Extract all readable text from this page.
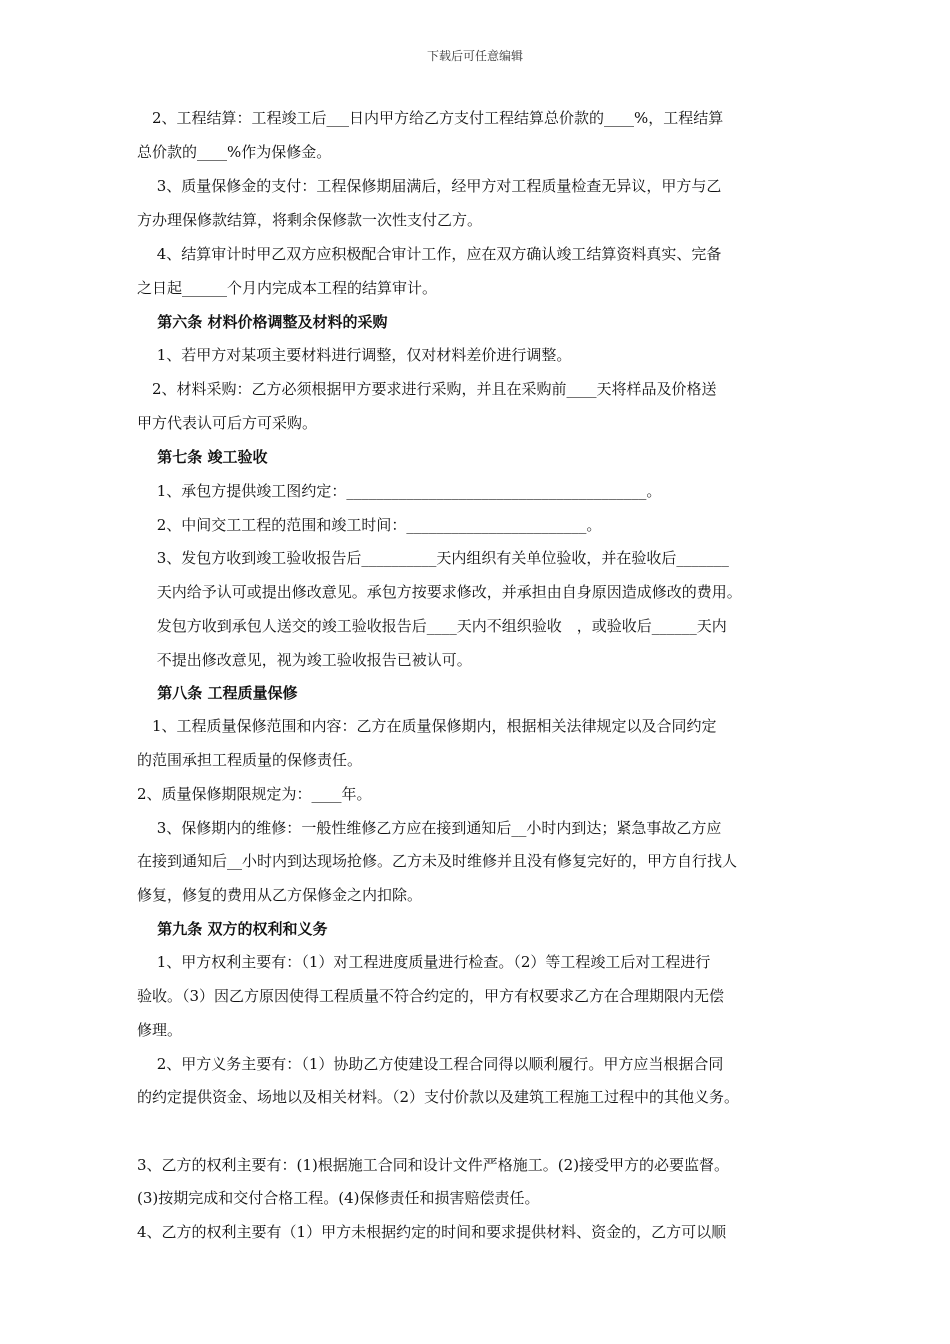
下载后可任意编辑
　2、工程结算：工程竣工后___日内甲方给乙方支付工程结算总价款的____%，工程结算
总价款的____%作为保修金。
　 3、质量保修金的支付：工程保修期届满后，经甲方对工程质量检查无异议，甲方与乙
方办理保修款结算，将剩余保修款一次性支付乙方。
　 4、结算审计时甲乙双方应积极配合审计工作，应在双方确认竣工结算资料真实、完备
之日起______个月内完成本工程的结算审计。
　 第六条 材料价格调整及材料的采购
　 1、若甲方对某项主要材料进行调整，仅对材料差价进行调整。
　2、材料采购：乙方必须根据甲方要求进行采购，并且在采购前____天将样品及价格送
甲方代表认可后方可采购。
　 第七条 竣工验收
　 1、承包方提供竣工图约定：________________________________________。
　 2、中间交工工程的范围和竣工时间：________________________。
　 3、发包方收到竣工验收报告后__________天内组织有关单位验收，并在验收后_______
　 天内给予认可或提出修改意见。承包方按要求修改，并承担由自身原因造成修改的费用。
　 发包方收到承包人送交的竣工验收报告后____天内不组织验收　，或验收后______天内
　 不提出修改意见，视为竣工验收报告已被认可。
　 第八条 工程质量保修
　1、工程质量保修范围和内容：乙方在质量保修期内，根据相关法律规定以及合同约定
的范围承担工程质量的保修责任。
2、质量保修期限规定为：____年。
　 3、保修期内的维修：一般性维修乙方应在接到通知后__小时内到达；紧急事故乙方应
在接到通知后__小时内到达现场抢修。乙方未及时维修并且没有修复完好的，甲方自行找人
修复，修复的费用从乙方保修金之内扣除。
　 第九条 双方的权利和义务
　 1、甲方权利主要有：（1）对工程进度质量进行检查。（2）等工程竣工后对工程进行
验收。（3）因乙方原因使得工程质量不符合约定的，甲方有权要求乙方在合理期限内无偿
修理。
　 2、甲方义务主要有：（1）协助乙方使建设工程合同得以顺利履行。甲方应当根据合同
的约定提供资金、场地以及相关材料。（2）支付价款以及建筑工程施工过程中的其他义务。
3、乙方的权利主要有：(1)根据施工合同和设计文件严格施工。(2)接受甲方的必要监督。
(3)按期完成和交付合格工程。(4)保修责任和损害赔偿责任。
4、乙方的权利主要有（1）甲方未根据约定的时间和要求提供材料、资金的，乙方可以顺
